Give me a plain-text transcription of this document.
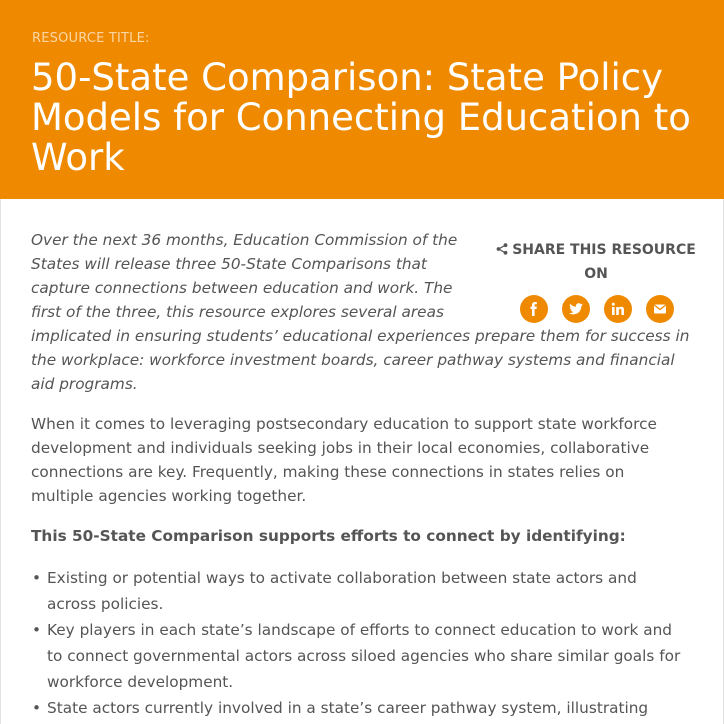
RESOURCE TITLE:
50-State Comparison: State Policy Models for Connecting Education to Work
Over the next 36 months, Education Commission of the States will release three 50-State Comparisons that capture connections between education and work. The first of the three, this resource explores several areas implicated in ensuring students’ educational experiences prepare them for success in the workplace: workforce investment boards, career pathway systems and financial aid programs.
SHARE THIS RESOURCE ON

When it comes to leveraging postsecondary education to support state workforce development and individuals seeking jobs in their local economies, collaborative connections are key. Frequently, making these connections in states relies on multiple agencies working together.

This 50-State Comparison supports efforts to connect by identifying:

• Existing or potential ways to activate collaboration between state actors and across policies.
• Key players in each state’s landscape of efforts to connect education to work and to connect governmental actors across siloed agencies who share similar goals for workforce development.
• State actors currently involved in a state’s career pathway system, illustrating
